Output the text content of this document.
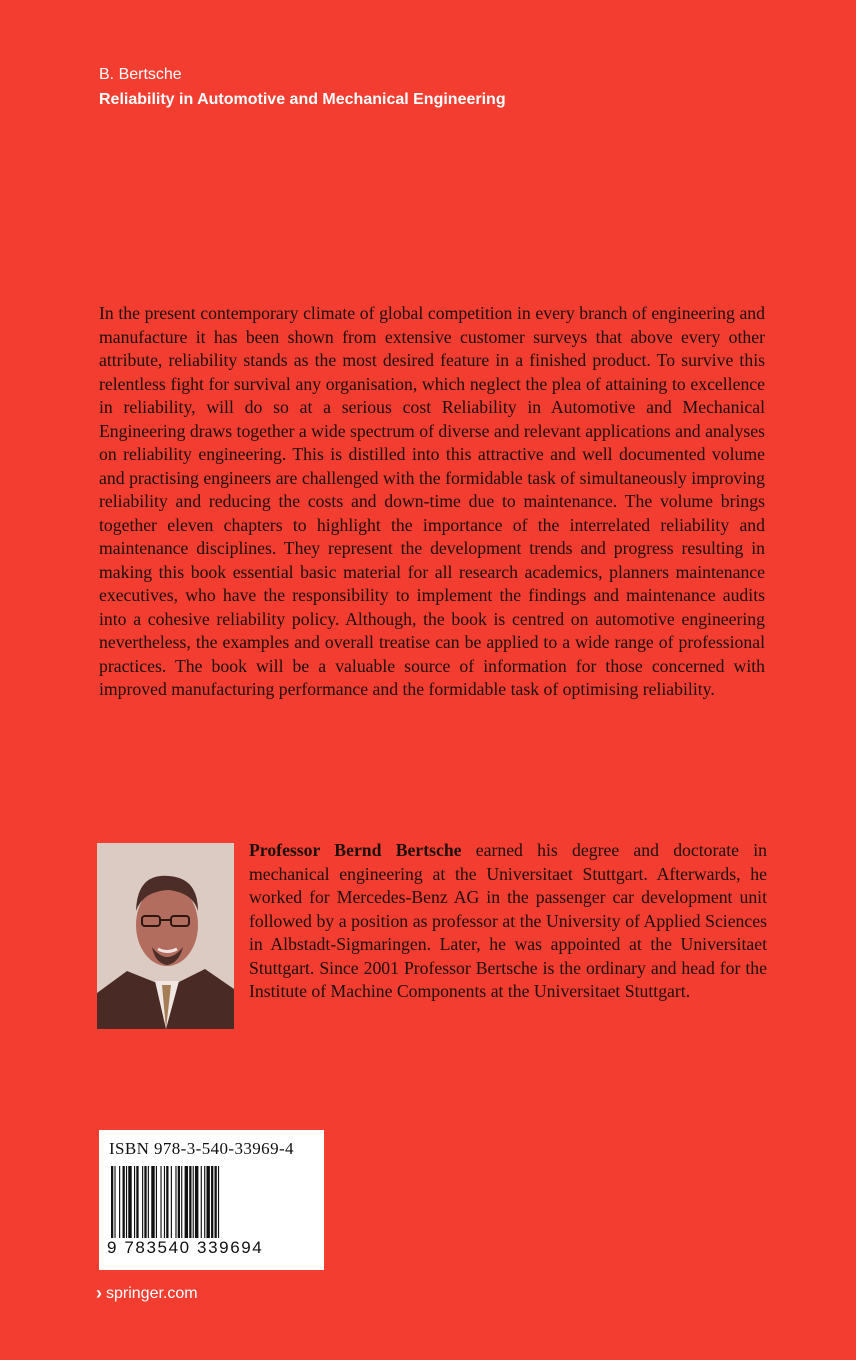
B. Bertsche
Reliability in Automotive and Mechanical Engineering

In the present contemporary climate of global competition in every branch of engineering and manufacture it has been shown from extensive customer surveys that above every other attribute, reliability stands as the most desired feature in a finished product. To survive this relentless fight for survival any organisation, which neglect the plea of attaining to excellence in reliability, will do so at a serious cost Reliability in Automotive and Mechanical Engineering draws together a wide spectrum of diverse and relevant applications and analyses on reliability engineering. This is distilled into this attractive and well documented volume and practising engineers are challenged with the formidable task of simultaneously improving reliability and reducing the costs and down-time due to maintenance. The volume brings together eleven chapters to highlight the importance of the interrelated reliability and maintenance disciplines. They represent the development trends and progress resulting in making this book essential basic material for all research academics, planners maintenance executives, who have the responsibility to implement the findings and maintenance audits into a cohesive reliability policy. Although, the book is centred on automotive engineering nevertheless, the examples and overall treatise can be applied to a wide range of professional practices. The book will be a valuable source of information for those concerned with improved manufacturing performance and the formidable task of optimising reliability.

Professor Bernd Bertsche earned his degree and doctorate in mechanical engineering at the Universitaet Stuttgart. Afterwards, he worked for Mercedes-Benz AG in the passenger car development unit followed by a position as professor at the University of Applied Sciences in Albstadt-Sigmaringen. Later, he was appointed at the Universitaet Stuttgart. Since 2001 Professor Bertsche is the ordinary and head for the Institute of Machine Components at the Universitaet Stuttgart.

ISBN 978-3-540-33969-4
9 783540 339694
› springer.com
